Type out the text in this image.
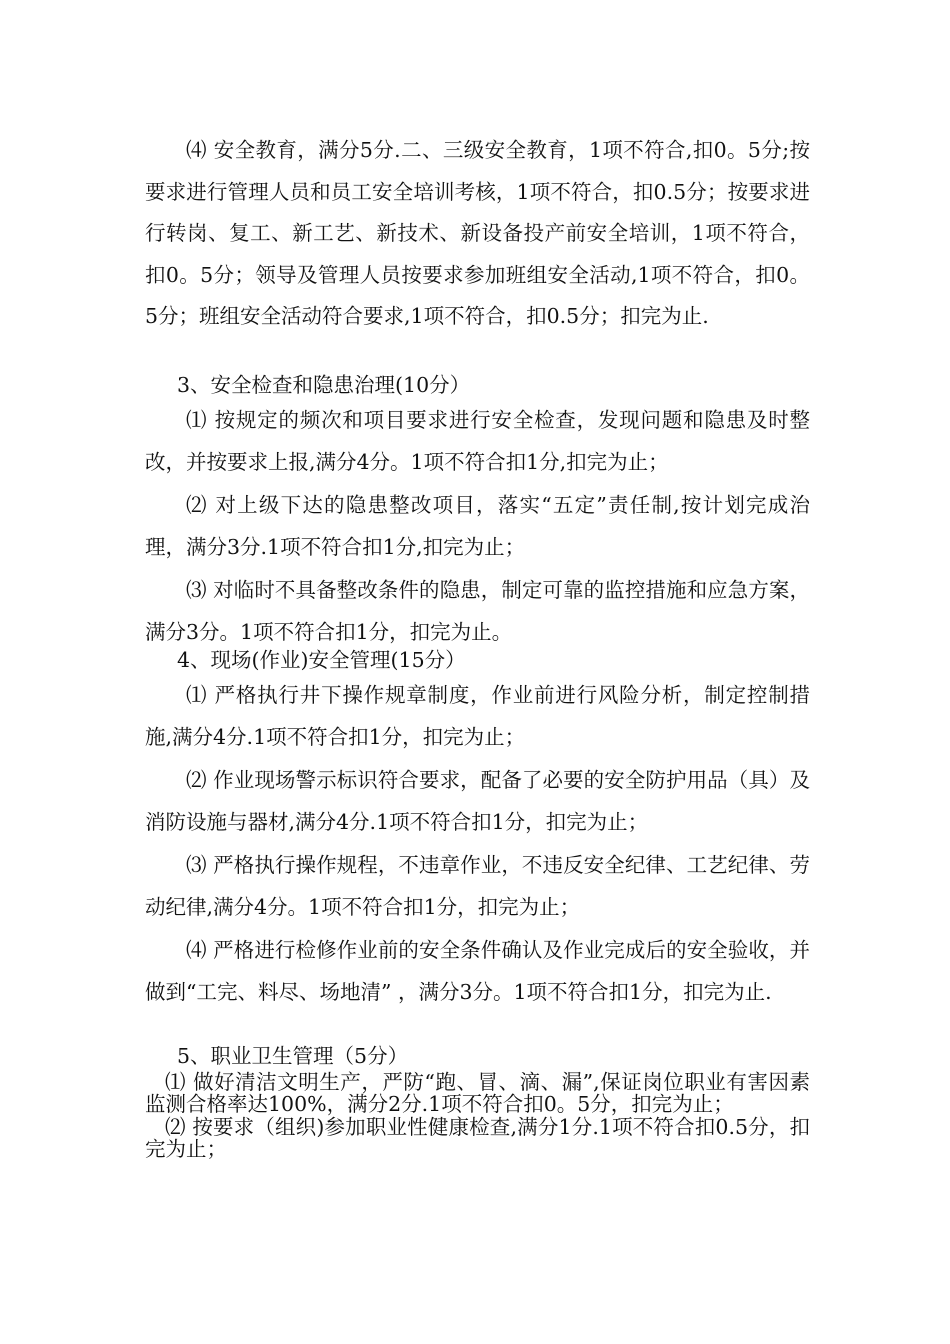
⑷ 安全教育，满分5分.二、三级安全教育，1项不符合,扣0。5分;按要求进行管理人员和员工安全培训考核，1项不符合，扣0.5分；按要求进行转岗、复工、新工艺、新技术、新设备投产前安全培训，1项不符合，扣0。5分；领导及管理人员按要求参加班组安全活动,1项不符合，扣0。5分；班组安全活动符合要求,1项不符合，扣0.5分；扣完为止.

3、安全检查和隐患治理(10分）

⑴ 按规定的频次和项目要求进行安全检查，发现问题和隐患及时整改，并按要求上报,满分4分。1项不符合扣1分,扣完为止；

⑵ 对上级下达的隐患整改项目，落实“五定”责任制,按计划完成治理，满分3分.1项不符合扣1分,扣完为止；

⑶ 对临时不具备整改条件的隐患，制定可靠的监控措施和应急方案，满分3分。1项不符合扣1分，扣完为止。

4、现场(作业)安全管理(15分）

⑴ 严格执行井下操作规章制度，作业前进行风险分析，制定控制措施,满分4分.1项不符合扣1分，扣完为止；

⑵ 作业现场警示标识符合要求，配备了必要的安全防护用品（具）及消防设施与器材,满分4分.1项不符合扣1分，扣完为止；

⑶ 严格执行操作规程，不违章作业，不违反安全纪律、工艺纪律、劳动纪律,满分4分。1项不符合扣1分，扣完为止；

⑷ 严格进行检修作业前的安全条件确认及作业完成后的安全验收，并做到“工完、料尽、场地清” ，满分3分。1项不符合扣1分，扣完为止.

5、职业卫生管理（5分）

⑴ 做好清洁文明生产，严防“跑、冒、滴、漏”,保证岗位职业有害因素监测合格率达100%，满分2分.1项不符合扣0。5分，扣完为止；

⑵ 按要求（组织)参加职业性健康检查,满分1分.1项不符合扣0.5分，扣完为止；
